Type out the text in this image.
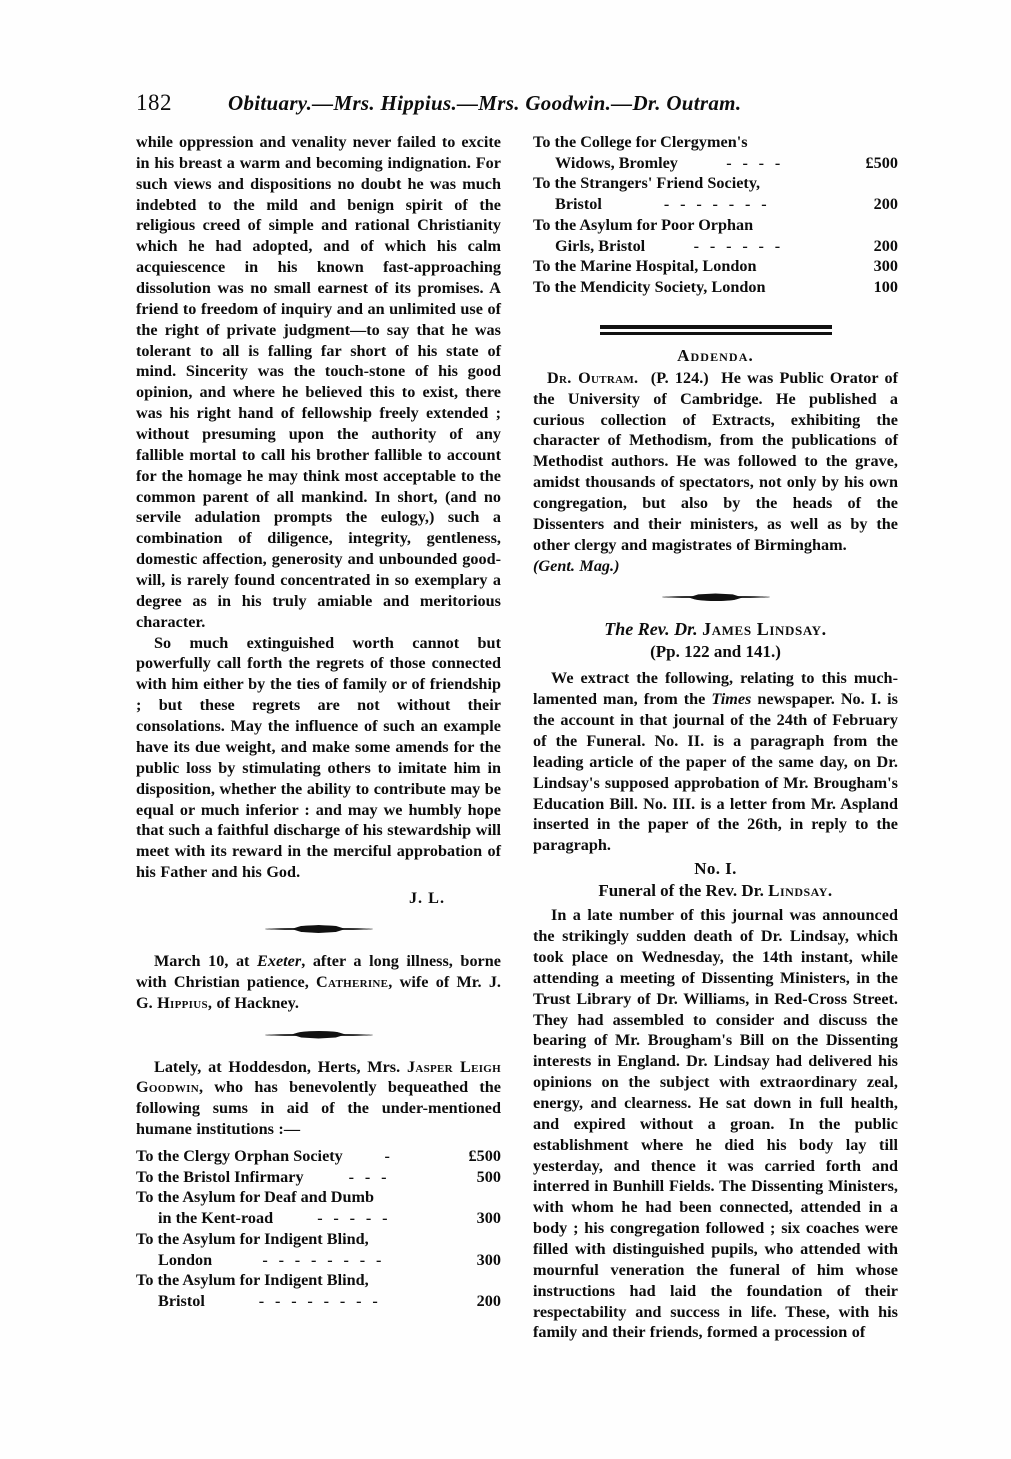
182	Obituary.—Mrs. Hippius.—Mrs. Goodwin.—Dr. Outram.

while oppression and venality never failed to excite in his breast a warm and becoming indignation. For such views and dispositions no doubt he was much indebted to the mild and benign spirit of the religious creed of simple and rational Christianity which he had adopted, and of which his calm acquiescence in his known fast-approaching dissolution was no small earnest of its promises. A friend to freedom of inquiry and an unlimited use of the right of private judgment—to say that he was tolerant to all is falling far short of his state of mind. Sincerity was the touch-stone of his good opinion, and where he believed this to exist, there was his right hand of fellowship freely extended ; without presuming upon the authority of any fallible mortal to call his brother fallible to account for the homage he may think most acceptable to the common parent of all mankind. In short, (and no servile adulation prompts the eulogy,) such a combination of diligence, integrity, gentleness, domestic affection, generosity and unbounded good-will, is rarely found concentrated in so exemplary a degree as in his truly amiable and meritorious character.

So much extinguished worth cannot but powerfully call forth the regrets of those connected with him either by the ties of family or of friendship ; but these regrets are not without their consolations. May the influence of such an example have its due weight, and make some amends for the public loss by stimulating others to imitate him in disposition, whether the ability to contribute may be equal or much inferior : and may we humbly hope that such a faithful discharge of his stewardship will meet with its reward in the merciful approbation of his Father and his God.

J. L.

March 10, at Exeter, after a long illness, borne with Christian patience, Catherine, wife of Mr. J. G. Hippius, of Hackney.

Lately, at Hoddesdon, Herts, Mrs. Jasper Leigh Goodwin, who has benevolently bequeathed the following sums in aid of the under-mentioned humane institutions :—

To the Clergy Orphan Society	-	£500
To the Bristol Infirmary	- - -	500
To the Asylum for Deaf and Dumb
in the Kent-road	- - - - -	300
To the Asylum for Indigent Blind,
London	- - - - - - - -	300
To the Asylum for Indigent Blind,
Bristol	- - - - - - - -	200
To the College for Clergymen's
Widows, Bromley	- - - -	£500
To the Strangers' Friend Society,
Bristol	- - - - - - -	200
To the Asylum for Poor Orphan
Girls, Bristol	- - - - - -	200
To the Marine Hospital, London	300
To the Mendicity Society, London	100

Addenda.

Dr. Outram. (P. 124.) He was Public Orator of the University of Cambridge. He published a curious collection of Extracts, exhibiting the character of Methodism, from the publications of Methodist authors. He was followed to the grave, amidst thousands of spectators, not only by his own congregation, but also by the heads of the Dissenters and their ministers, as well as by the other clergy and magistrates of Birmingham.
(Gent. Mag.)

The Rev. Dr. James Lindsay.

(Pp. 122 and 141.)

We extract the following, relating to this much-lamented man, from the Times newspaper. No. I. is the account in that journal of the 24th of February of the Funeral. No. II. is a paragraph from the leading article of the paper of the same day, on Dr. Lindsay's supposed approbation of Mr. Brougham's Education Bill. No. III. is a letter from Mr. Aspland inserted in the paper of the 26th, in reply to the paragraph.

No. I.

Funeral of the Rev. Dr. Lindsay.

In a late number of this journal was announced the strikingly sudden death of Dr. Lindsay, which took place on Wednesday, the 14th instant, while attending a meeting of Dissenting Ministers, in the Trust Library of Dr. Williams, in Red-Cross Street. They had assembled to consider and discuss the bearing of Mr. Brougham's Bill on the Dissenting interests in England. Dr. Lindsay had delivered his opinions on the subject with extraordinary zeal, energy, and clearness. He sat down in full health, and expired without a groan. In the public establishment where he died his body lay till yesterday, and thence it was carried forth and interred in Bunhill Fields. The Dissenting Ministers, with whom he had been connected, attended in a body ; his congregation followed ; six coaches were filled with distinguished pupils, who attended with mournful veneration the funeral of him whose instructions had laid the foundation of their respectability and success in life. These, with his family and their friends, formed a procession of
